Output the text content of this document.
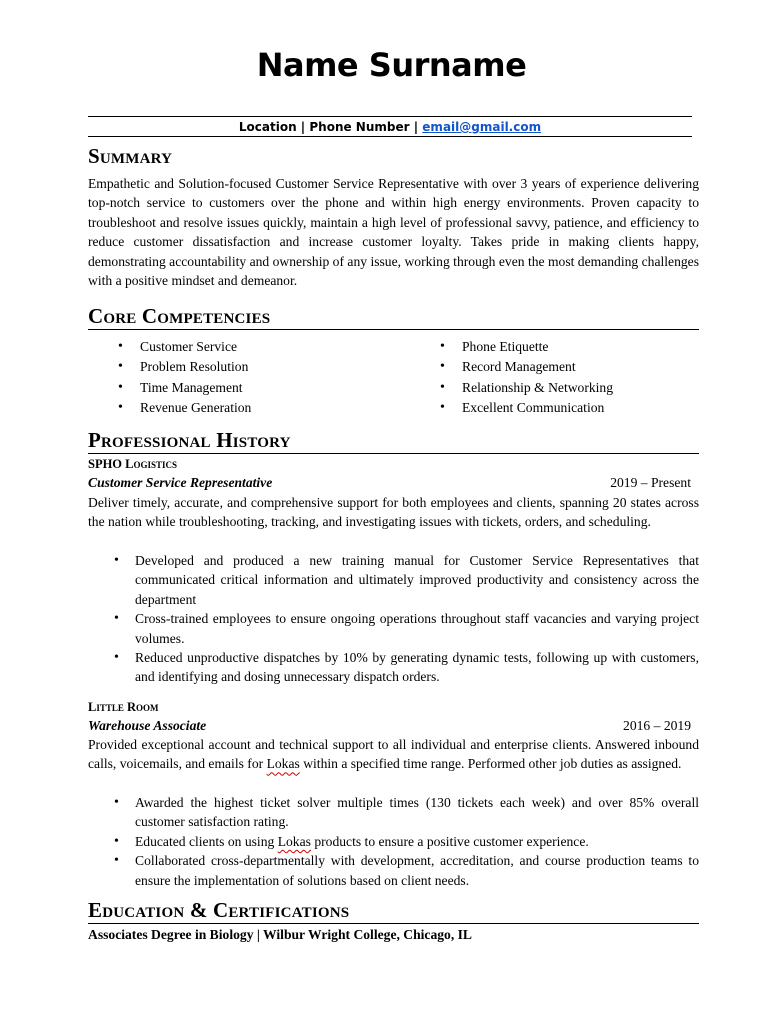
Name Surname
Location | Phone Number | email@gmail.com
Summary
Empathetic and Solution-focused Customer Service Representative with over 3 years of experience delivering top-notch service to customers over the phone and within high energy environments. Proven capacity to troubleshoot and resolve issues quickly, maintain a high level of professional savvy, patience, and efficiency to reduce customer dissatisfaction and increase customer loyalty. Takes pride in making clients happy, demonstrating accountability and ownership of any issue, working through even the most demanding challenges with a positive mindset and demeanor.
Core Competencies
• Customer Service
• Problem Resolution
• Time Management
• Revenue Generation
• Phone Etiquette
• Record Management
• Relationship & Networking
• Excellent Communication
Professional History
SPHO Logistics
Customer Service Representative	2019 – Present
Deliver timely, accurate, and comprehensive support for both employees and clients, spanning 20 states across the nation while troubleshooting, tracking, and investigating issues with tickets, orders, and scheduling.
• Developed and produced a new training manual for Customer Service Representatives that communicated critical information and ultimately improved productivity and consistency across the department
• Cross-trained employees to ensure ongoing operations throughout staff vacancies and varying project volumes.
• Reduced unproductive dispatches by 10% by generating dynamic tests, following up with customers, and identifying and dosing unnecessary dispatch orders.
Little Room
Warehouse Associate	2016 – 2019
Provided exceptional account and technical support to all individual and enterprise clients. Answered inbound calls, voicemails, and emails for Lokas within a specified time range. Performed other job duties as assigned.
• Awarded the highest ticket solver multiple times (130 tickets each week) and over 85% overall customer satisfaction rating.
• Educated clients on using Lokas products to ensure a positive customer experience.
• Collaborated cross-departmentally with development, accreditation, and course production teams to ensure the implementation of solutions based on client needs.
Education & Certifications
Associates Degree in Biology | Wilbur Wright College, Chicago, IL
